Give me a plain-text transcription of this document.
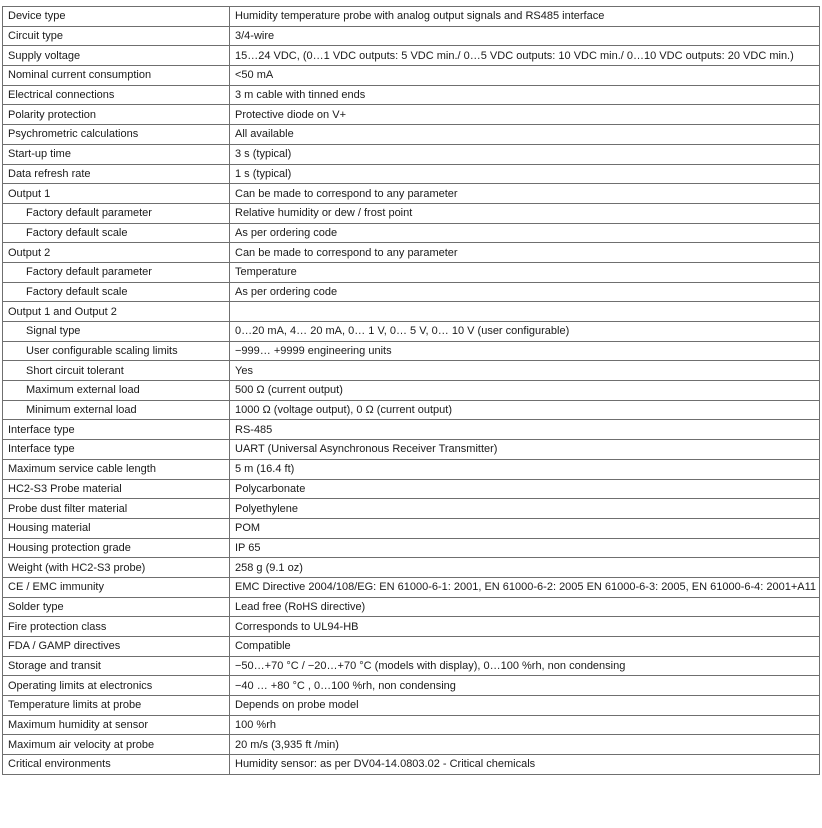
Device type	Humidity temperature probe with analog output signals and RS485 interface
Circuit type	3/4-wire
Supply voltage	15…24 VDC, (0…1 VDC outputs: 5 VDC min./ 0…5 VDC outputs: 10 VDC min./ 0…10 VDC outputs: 20 VDC min.)
Nominal current consumption	<50 mA
Electrical connections	3 m cable with tinned ends
Polarity protection	Protective diode on V+
Psychrometric calculations	All available
Start-up time	3 s (typical)
Data refresh rate	1 s (typical)
Output 1	Can be made to correspond to any parameter
Factory default parameter	Relative humidity or dew / frost point
Factory default scale	As per ordering code
Output 2	Can be made to correspond to any parameter
Factory default parameter	Temperature
Factory default scale	As per ordering code
Output 1 and Output 2	
Signal type	0…20 mA, 4… 20 mA, 0… 1 V, 0… 5 V, 0… 10 V (user configurable)
User configurable scaling limits	−999… +9999 engineering units
Short circuit tolerant	Yes
Maximum external load	500 Ω (current output)
Minimum external load	1000 Ω (voltage output), 0 Ω (current output)
Interface type	RS-485
Interface type	UART (Universal Asynchronous Receiver Transmitter)
Maximum service cable length	5 m (16.4 ft)
HC2-S3 Probe material	Polycarbonate
Probe dust filter material	Polyethylene
Housing material	POM
Housing protection grade	IP 65
Weight (with HC2-S3 probe)	258 g (9.1 oz)
CE / EMC immunity	EMC Directive 2004/108/EG: EN 61000-6-1: 2001, EN 61000-6-2: 2005 EN 61000-6-3: 2005, EN 61000-6-4: 2001+A11
Solder type	Lead free (RoHS directive)
Fire protection class	Corresponds to UL94-HB
FDA / GAMP directives	Compatible
Storage and transit	−50…+70 °C / −20…+70 °C (models with display), 0…100 %rh, non condensing
Operating limits at electronics	−40 … +80 °C , 0…100 %rh, non condensing
Temperature limits at probe	Depends on probe model
Maximum humidity at sensor	100 %rh
Maximum air velocity at probe	20 m/s (3,935 ft /min)
Critical environments	Humidity sensor: as per DV04-14.0803.02 - Critical chemicals
